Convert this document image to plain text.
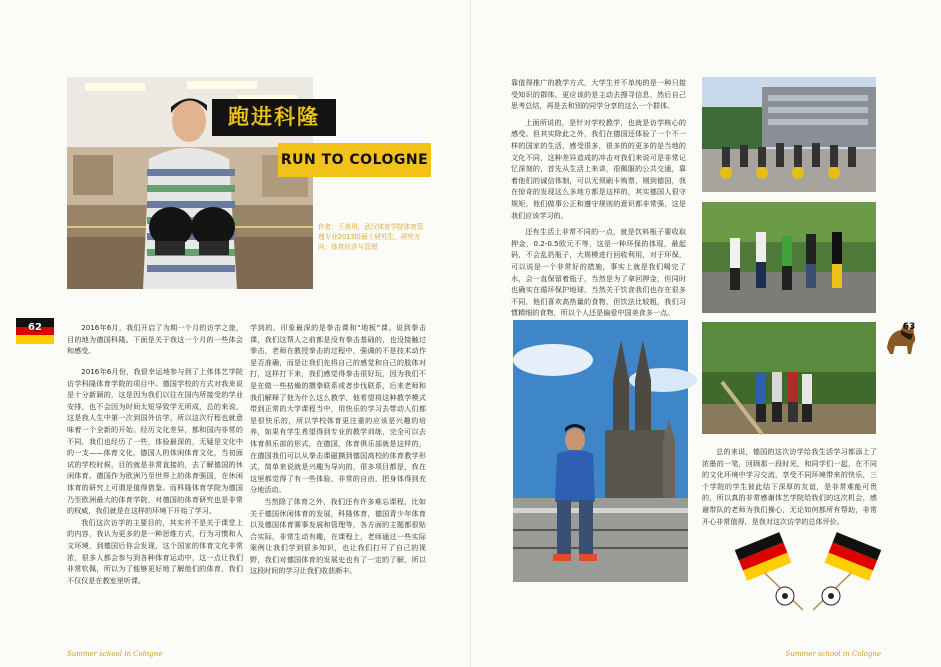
跑进科隆
RUN TO COLOGNE
作者：王善琪，武汉体育学院体育管理专业2013级硕士研究生，研究方向：体育经济与管理
62	2016年6月，我们开启了为期一个月的访学之旅，目的地为德国科隆。下面是关于我这一个月的一些体会和感受。

2016年6月份，我很幸运地参与到了上体体艺学院访学科隆体育学院的项目中。德国学校的方式对我来说是十分新颖的，这是因为我们以往在国内所接受的学业安排，也不会因为时间太短导致学无所成，总的来说，这是我人生中第一次到国外访学，所以这次行程也就意味着一个全新的开始。经历文化差异，都和国内非常的不同，我们也经历了一些，体验最深的，无疑是文化中的一支——体育文化，德国人的体闲体育文化，当初面试的学校时候，目的就是非常直接的，去了解德国的休闲体育。德国作为欧洲乃至世界上的体育强国，在休闲体育的研究上可谓是值得借鉴。而科隆体育学院为德国乃至欧洲最大的体育学院，对德国的体育研究也是非常的权威，我们就是在这样的环境下开始了学习。

我们这次访学的主要目的，其实并不是关于课堂上的内容，我认为更多的是一种思维方式，行为习惯和人文环境，到德国后你会发现，这个国家的体育文化非常浓，很多人都会参与到各种体育运动中，这一点让我们非常钦佩，所以为了能够更好地了解他们的体育，我们不仅仅是在教室里听课。

学到的，印象最深的是拳击课和“地板”课。说到拳击课，我们这帮人之前都是没有拳击基础的，也没接触过拳击，老师在教授拳击的过程中，强调的不是技术动作是否准确，而是让我们先将自己的感觉和自己的肢体对打，这样打下来，我们感觉得拳击很好玩，因为我们不是在做一些枯燥的攒拳联系或者步伐联系，后来老师和我们解释了他为什么这么教学，他希望将这种教学模式带到正常的大学课程当中，用快乐的学习去带动人们都是很快乐的，所以学校体育更注重的应该是兴趣的培养，如果有学生希望得到专业的教学训练，完全可以去体育俱乐部的形式，在德国，体育俱乐部就是这样的，在德国我们可以从拳击课磁撕到德国高校的体育教学形式，简单来说就是兴趣为导向的，很多项目都是，我在这里都觉得了有一些体验，非常的自由，把身体得到充分地活动。

当然除了体育之外，我们还有许多难忘课程，比如关于德国休闲体育的发展，科隆体育，德国青少年体育以及德国体育赛事发展和管理等，各方面的主题都很贴合实际，非常生动有趣，在课程上，老师通过一些实际案例让我们学到很多知识，也让我们打开了自己的视野，我们对德国体育的发展史也有了一定的了解，所以这段时间的学习让我们收获颇丰。

Summer school in Cologne

靠值得推广的教学方式，大学生并不单纯的是一种只接受知识的群体，更应该的是主动去搜寻信息，然后自己思考总结，再是去和别的同学分享的这么一个群体。

上面所说的，是针对学校教学，也就是访学核心的感受。但其实除此之外，我们在德国还体验了一个不一样的国家的生活，感受很多，很多的的更多的是当地的文化不同，这种差异造成的冲击对我们来说可是非常记忆深刻的，首先从生活上来讲，很佩服的公共交通，靠着他们的诚信体制，可以无须刷卡购票，刚到德国，我在惊奇的发现这么多地方都是这样的，其实德国人很守规矩，他们做事公正和遵守规则的意识都非常强，这是我们应该学习的。

还有生活上非常不同的一点，就是饮料瓶子要收取押金，0.2-0.5欧元不等，这是一种环保的体现，最起码，不会乱扔瓶子，大规模进行回收利用，对于环保，可以说是一个非常好的措施，事实上就是我们喝完了水，会一直保留着瓶子，当然是为了拿回押金，但同时也确实在循环保护地球，当然关于饮食我们也存在很多不同，他们喜欢高热量的食物，但饮法比较粗，我们习惯精细的食物，所以个人还是偏爱中国美食多一点。

63

总的来说，德国的这次访学给我生活学习都添上了浓墨的一笔，回顾那一段时光，和同学们一起，在不同的文化环境中学习交流，享受不同环境带来的快乐，三个学院的学生彼此结下深厚的友谊，是非常难能可贵的，所以真的非常感谢体艺学院给我们的这次机会，感谢带队的老师为我们操心，无论如何都所有帮助，非常开心非常值得，是我对这次访学的总体评价。

Summer school in Cologne
